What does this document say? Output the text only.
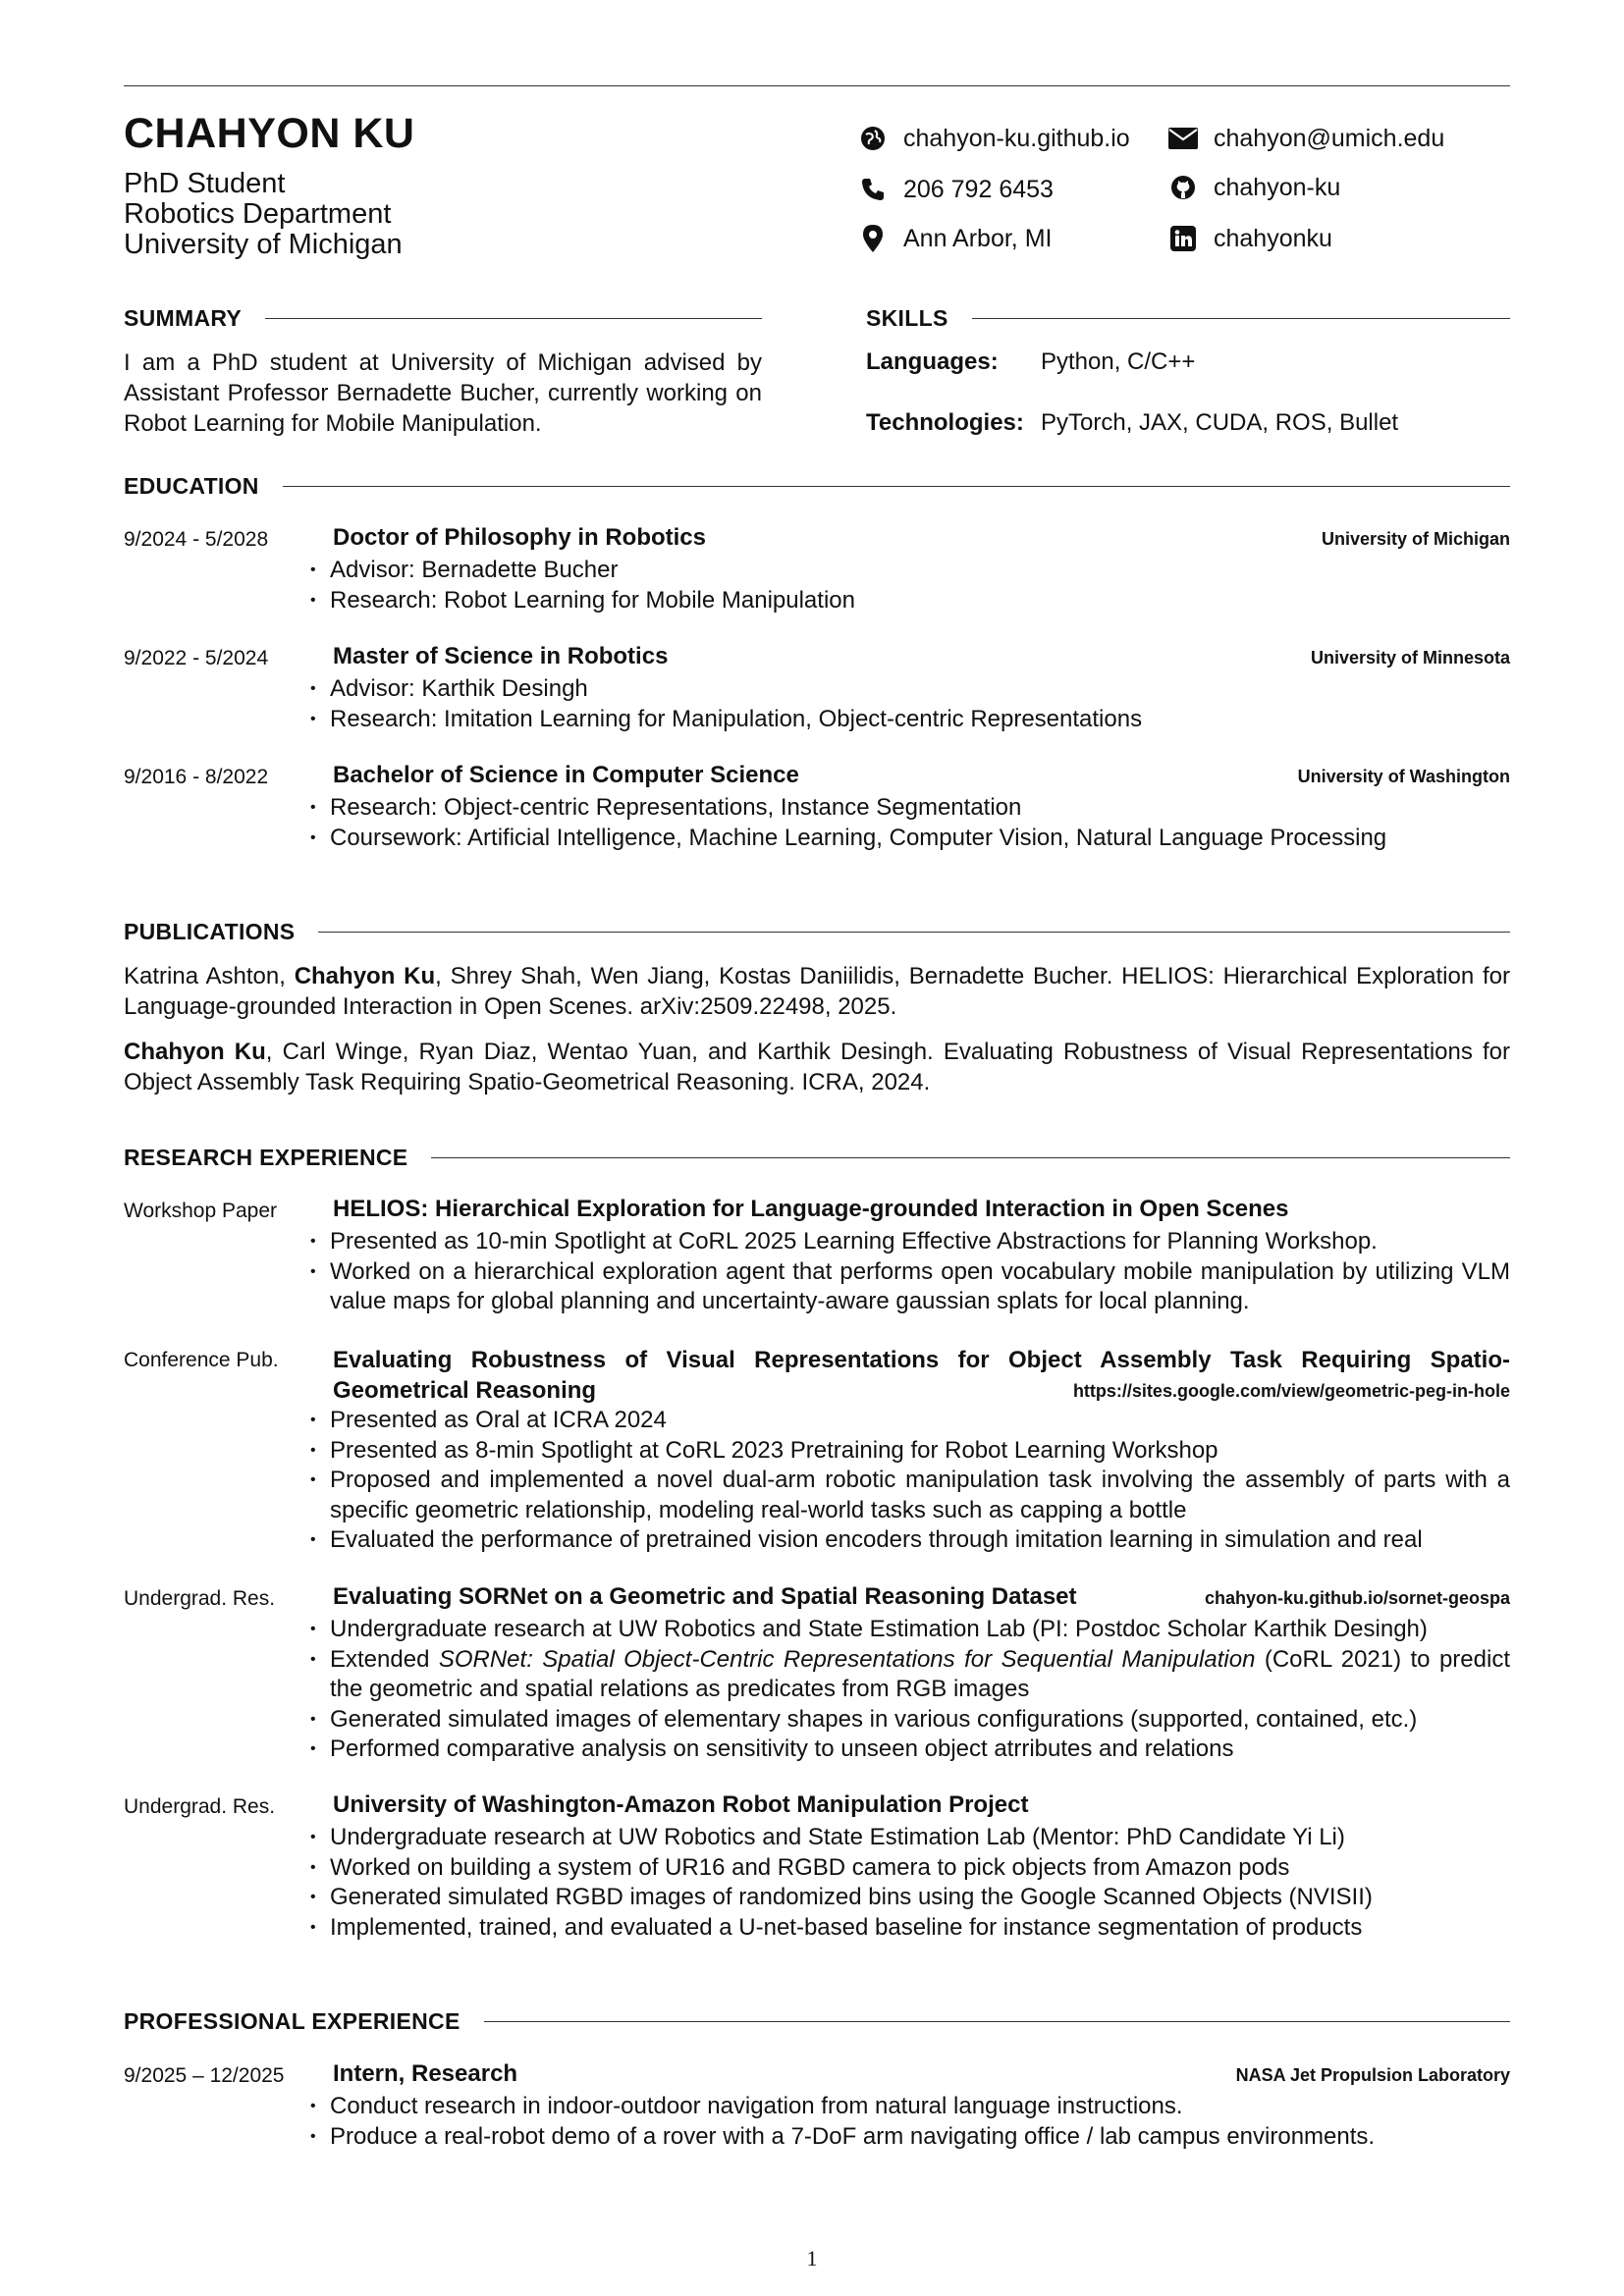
CHAHYON KU
PhD Student
Robotics Department
University of Michigan
chahyon-ku.github.io	chahyon@umich.edu
206 792 6453	chahyon-ku
Ann Arbor, MI	chahyonku
SUMMARY
I am a PhD student at University of Michigan advised by Assistant Professor Bernadette Bucher, currently working on Robot Learning for Mobile Manipulation.
SKILLS
Languages: Python, C/C++
Technologies: PyTorch, JAX, CUDA, ROS, Bullet
EDUCATION
9/2024 - 5/2028	Doctor of Philosophy in Robotics	University of Michigan
• Advisor: Bernadette Bucher
• Research: Robot Learning for Mobile Manipulation
9/2022 - 5/2024	Master of Science in Robotics	University of Minnesota
• Advisor: Karthik Desingh
• Research: Imitation Learning for Manipulation, Object-centric Representations
9/2016 - 8/2022	Bachelor of Science in Computer Science	University of Washington
• Research: Object-centric Representations, Instance Segmentation
• Coursework: Artificial Intelligence, Machine Learning, Computer Vision, Natural Language Processing
PUBLICATIONS
Katrina Ashton, Chahyon Ku, Shrey Shah, Wen Jiang, Kostas Daniilidis, Bernadette Bucher. HELIOS: Hierarchical Exploration for Language-grounded Interaction in Open Scenes. arXiv:2509.22498, 2025.
Chahyon Ku, Carl Winge, Ryan Diaz, Wentao Yuan, and Karthik Desingh. Evaluating Robustness of Visual Representations for Object Assembly Task Requiring Spatio-Geometrical Reasoning. ICRA, 2024.
RESEARCH EXPERIENCE
Workshop Paper HELIOS: Hierarchical Exploration for Language-grounded Interaction in Open Scenes
• Presented as 10-min Spotlight at CoRL 2025 Learning Effective Abstractions for Planning Workshop.
• Worked on a hierarchical exploration agent that performs open vocabulary mobile manipulation by utilizing VLM value maps for global planning and uncertainty-aware gaussian splats for local planning.
Conference Pub. Evaluating Robustness of Visual Representations for Object Assembly Task Requiring Spatio-Geometrical Reasoning	https://sites.google.com/view/geometric-peg-in-hole
• Presented as Oral at ICRA 2024
• Presented as 8-min Spotlight at CoRL 2023 Pretraining for Robot Learning Workshop
• Proposed and implemented a novel dual-arm robotic manipulation task involving the assembly of parts with a specific geometric relationship, modeling real-world tasks such as capping a bottle
• Evaluated the performance of pretrained vision encoders through imitation learning in simulation and real
Undergrad. Res. Evaluating SORNet on a Geometric and Spatial Reasoning Dataset	chahyon-ku.github.io/sornet-geospa
• Undergraduate research at UW Robotics and State Estimation Lab (PI: Postdoc Scholar Karthik Desingh)
• Extended SORNet: Spatial Object-Centric Representations for Sequential Manipulation (CoRL 2021) to predict the geometric and spatial relations as predicates from RGB images
• Generated simulated images of elementary shapes in various configurations (supported, contained, etc.)
• Performed comparative analysis on sensitivity to unseen object atrributes and relations
Undergrad. Res. University of Washington-Amazon Robot Manipulation Project
• Undergraduate research at UW Robotics and State Estimation Lab (Mentor: PhD Candidate Yi Li)
• Worked on building a system of UR16 and RGBD camera to pick objects from Amazon pods
• Generated simulated RGBD images of randomized bins using the Google Scanned Objects (NVISII)
• Implemented, trained, and evaluated a U-net-based baseline for instance segmentation of products
PROFESSIONAL EXPERIENCE
9/2025 – 12/2025 Intern, Research	NASA Jet Propulsion Laboratory
• Conduct research in indoor-outdoor navigation from natural language instructions.
• Produce a real-robot demo of a rover with a 7-DoF arm navigating office / lab campus environments.
1
